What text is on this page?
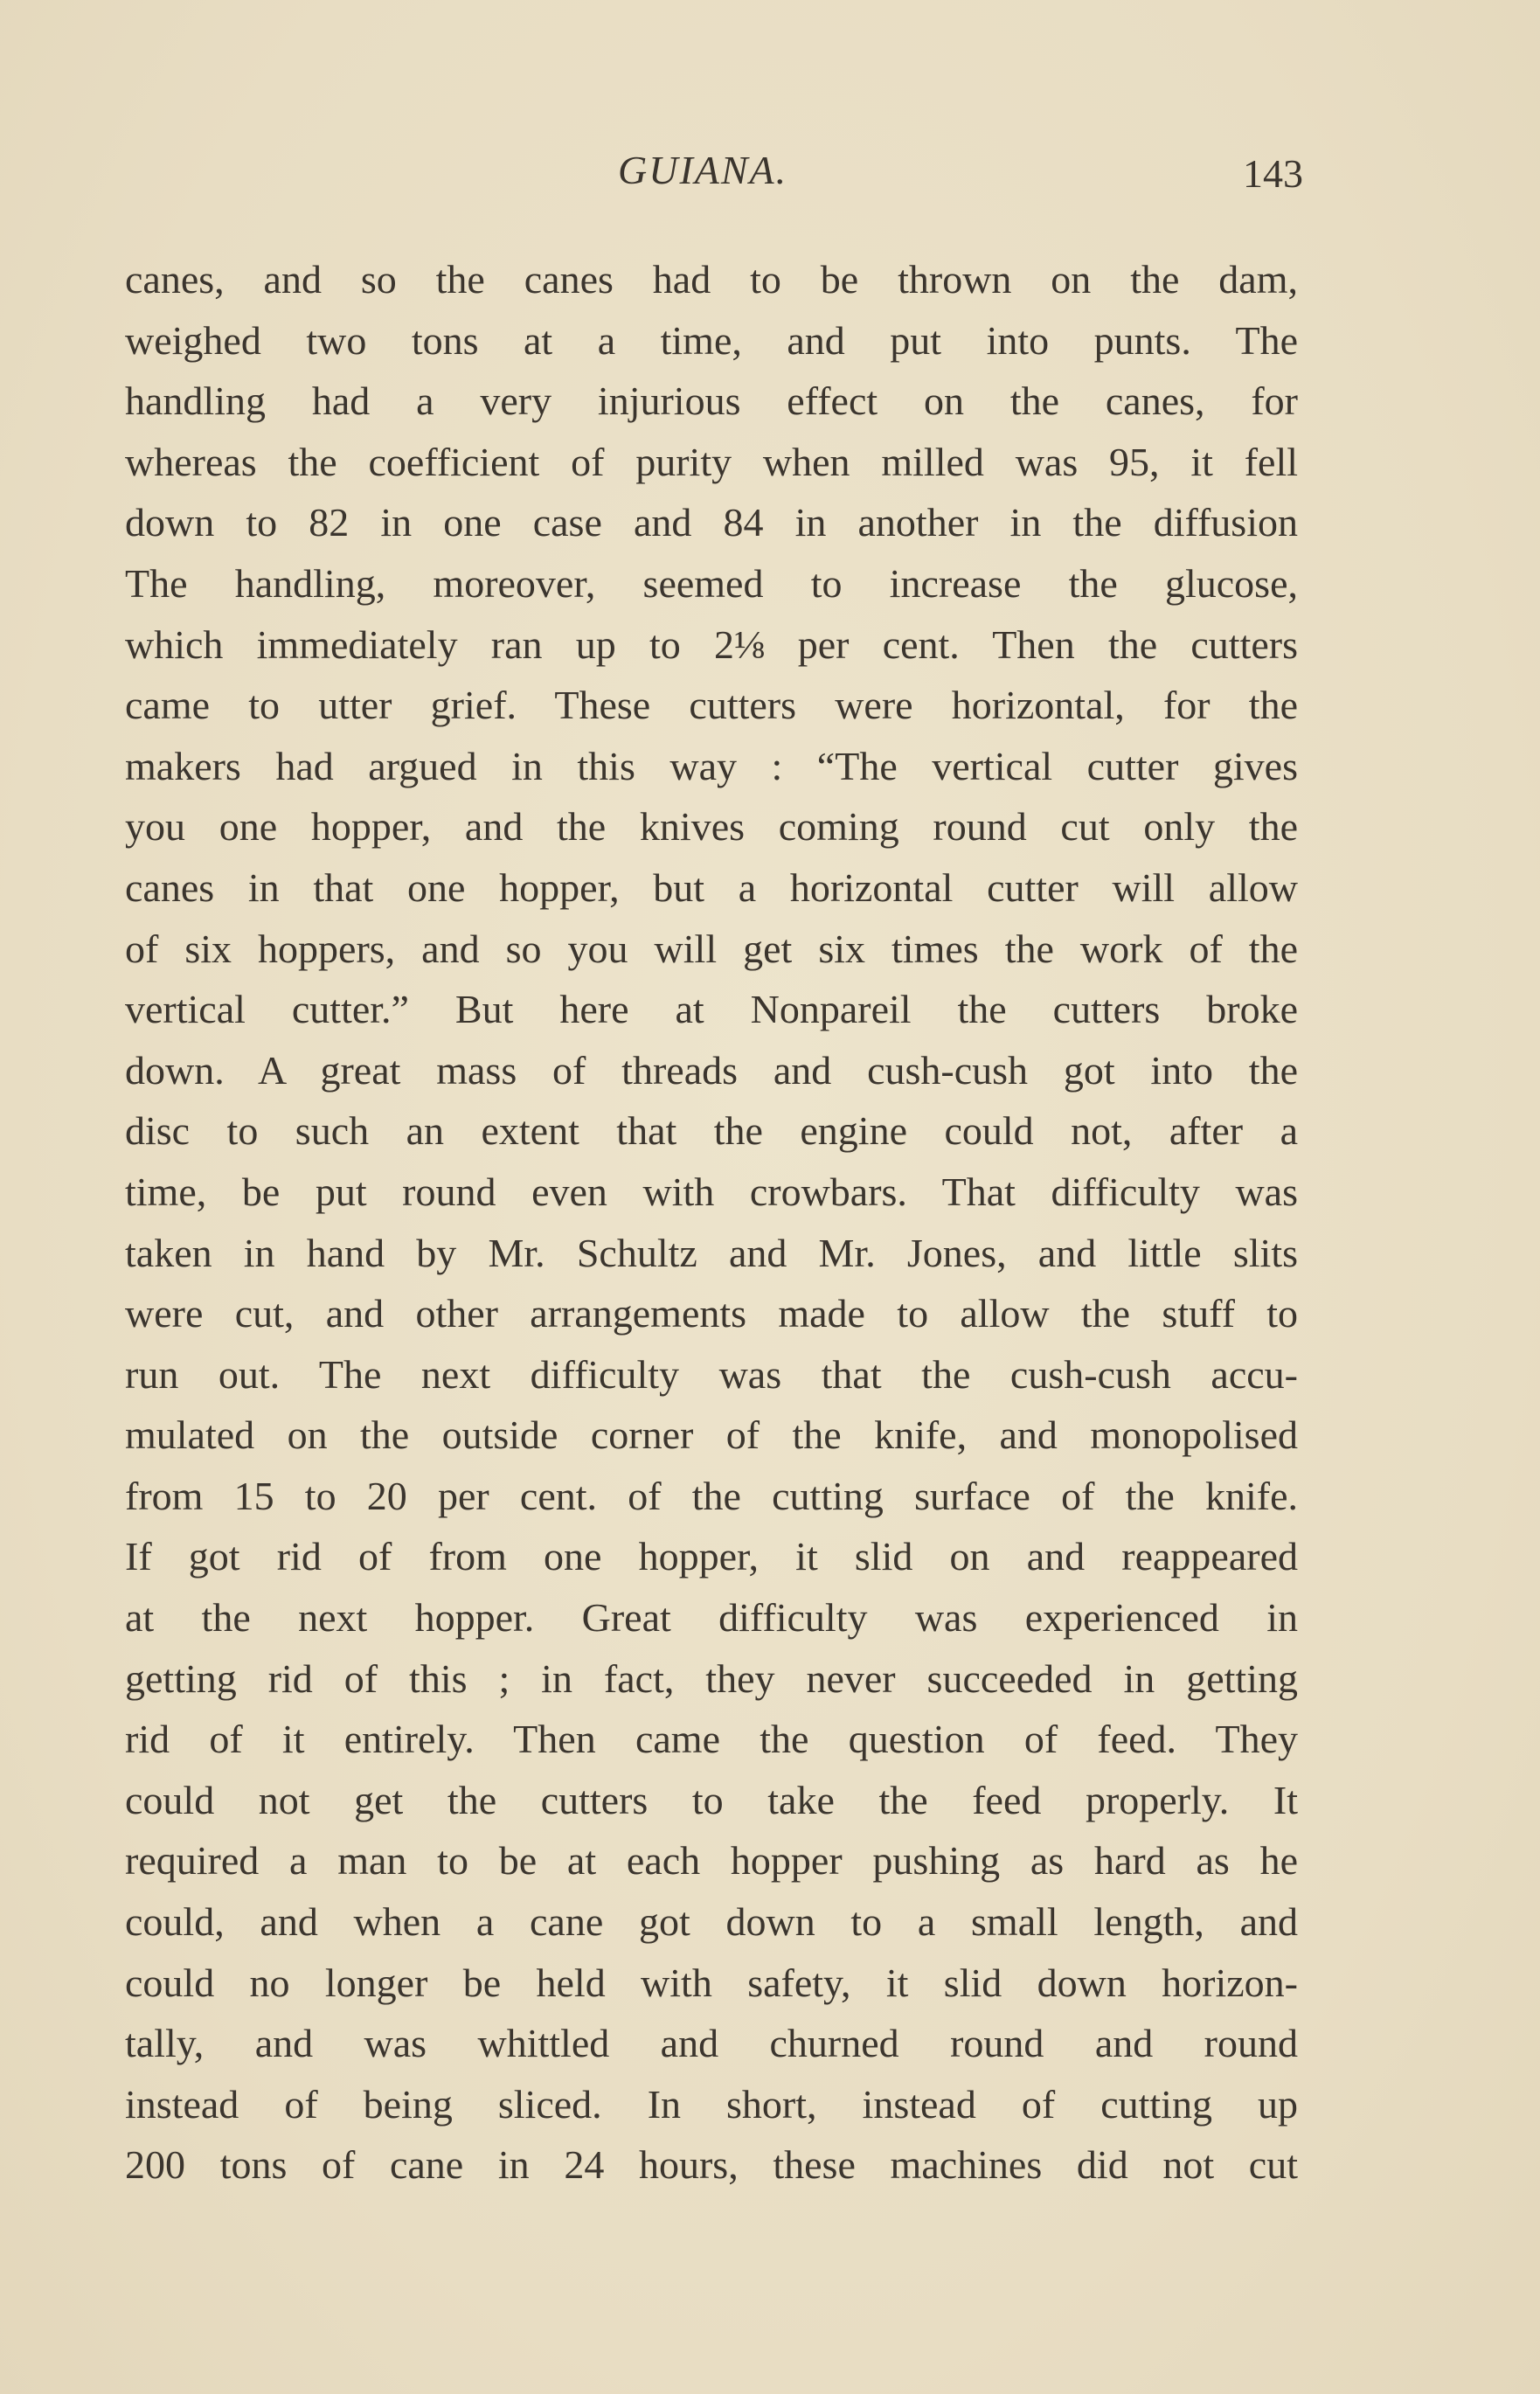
GUIANA.	143
canes, and so the canes had to be thrown on the dam,
weighed two tons at a time, and put into punts. The
handling had a very injurious effect on the canes, for
whereas the coefficient of purity when milled was 95, it fell
down to 82 in one case and 84 in another in the diffusion
The handling, moreover, seemed to increase the glucose,
which immediately ran up to 2⅛ per cent. Then the cutters
came to utter grief. These cutters were horizontal, for the
makers had argued in this way : “The vertical cutter gives
you one hopper, and the knives coming round cut only the
canes in that one hopper, but a horizontal cutter will allow
of six hoppers, and so you will get six times the work of the
vertical cutter.” But here at Nonpareil the cutters broke
down. A great mass of threads and cush-cush got into the
disc to such an extent that the engine could not, after a
time, be put round even with crowbars. That difficulty was
taken in hand by Mr. Schultz and Mr. Jones, and little slits
were cut, and other arrangements made to allow the stuff to
run out. The next difficulty was that the cush-cush accu-
mulated on the outside corner of the knife, and monopolised
from 15 to 20 per cent. of the cutting surface of the knife.
If got rid of from one hopper, it slid on and reappeared
at the next hopper. Great difficulty was experienced in
getting rid of this ; in fact, they never succeeded in getting
rid of it entirely. Then came the question of feed. They
could not get the cutters to take the feed properly. It
required a man to be at each hopper pushing as hard as he
could, and when a cane got down to a small length, and
could no longer be held with safety, it slid down horizon-
tally, and was whittled and churned round and round
instead of being sliced. In short, instead of cutting up
200 tons of cane in 24 hours, these machines did not cut
